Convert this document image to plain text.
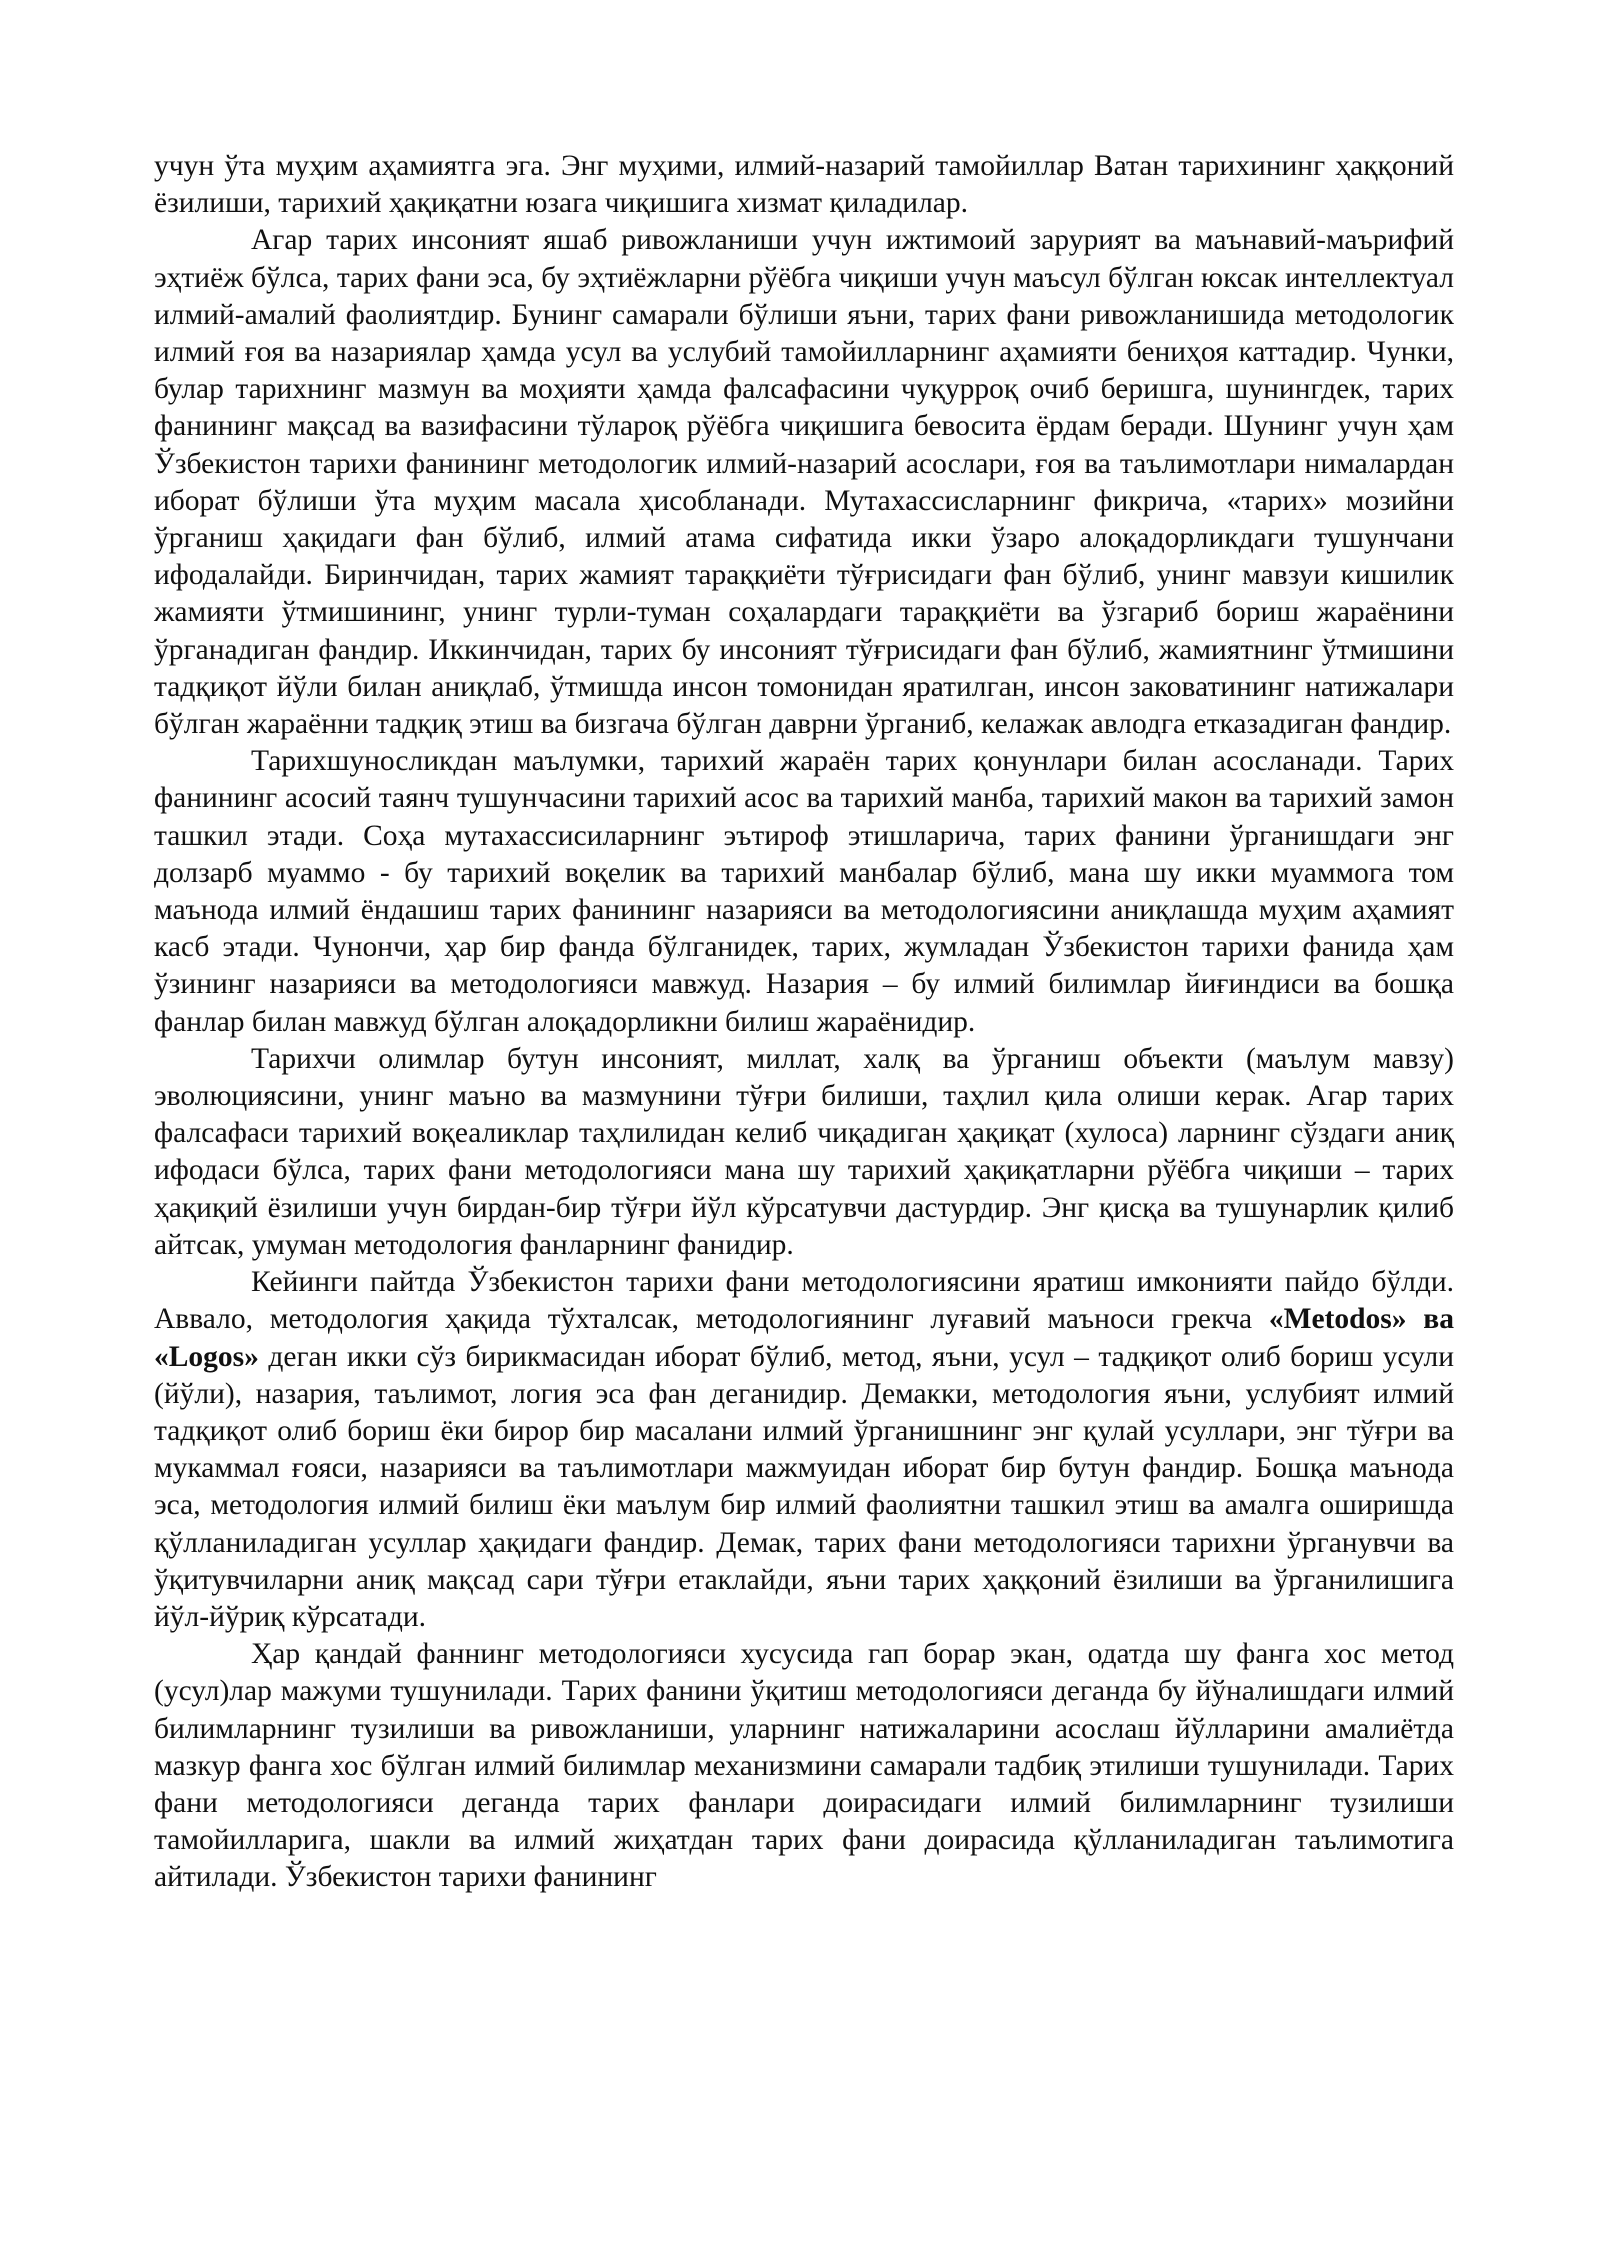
учун ўта муҳим аҳамиятга эга. Энг муҳими, илмий-назарий тамойиллар Ватан тарихининг ҳаққоний ёзилиши, тарихий ҳақиқатни юзага чиқишига хизмат қиладилар.

Агар тарих инсоният яшаб ривожланиши учун ижтимоий зарурият ва маънавий-маърифий эҳтиёж бўлса, тарих фани эса, бу эҳтиёжларни рўёбга чиқиши учун маъсул бўлган юксак интеллектуал илмий-амалий фаолиятдир. Бунинг самарали бўлиши яъни, тарих фани ривожланишида методологик илмий ғоя ва назариялар ҳамда усул ва услубий тамойилларнинг аҳамияти бениҳоя каттадир. Чунки, булар тарихнинг мазмун ва моҳияти ҳамда фалсафасини чуқурроқ очиб беришга, шунингдек, тарих фанининг мақсад ва вазифасини тўлароқ рўёбга чиқишига бевосита ёрдам беради. Шунинг учун ҳам Ўзбекистон тарихи фанининг методологик илмий-назарий асослари, ғоя ва таълимотлари нималардан иборат бўлиши ўта муҳим масала ҳисобланади. Мутахассисларнинг фикрича, «тарих» мозийни ўрганиш ҳақидаги фан бўлиб, илмий атама сифатида икки ўзаро алоқадорликдаги тушунчани ифодалайди. Биринчидан, тарих жамият тараққиёти тўғрисидаги фан бўлиб, унинг мавзуи кишилик жамияти ўтмишининг, унинг турли-туман соҳалардаги тараққиёти ва ўзгариб бориш жараёнини ўрганадиган фандир. Иккинчидан, тарих бу инсоният тўғрисидаги фан бўлиб, жамиятнинг ўтмишини тадқиқот йўли билан аниқлаб, ўтмишда инсон томонидан яратилган, инсон заковатининг натижалари бўлган жараённи тадқиқ этиш ва бизгача бўлган даврни ўрганиб, келажак авлодга етказадиган фандир.

Тарихшуносликдан маълумки, тарихий жараён тарих қонунлари билан асосланади. Тарих фанининг асосий таянч тушунчасини тарихий асос ва тарихий манба, тарихий макон ва тарихий замон ташкил этади. Соҳа мутахассисиларнинг эътироф этишларича, тарих фанини ўрганишдаги энг долзарб муаммо - бу тарихий воқелик ва тарихий манбалар бўлиб, мана шу икки муаммога том маънода илмий ёндашиш тарих фанининг назарияси ва методологиясини аниқлашда муҳим аҳамият касб этади. Чунончи, ҳар бир фанда бўлганидек, тарих, жумладан Ўзбекистон тарихи фанида ҳам ўзининг назарияси ва методологияси мавжуд. Назария – бу илмий билимлар йиғиндиси ва бошқа фанлар билан мавжуд бўлган алоқадорликни билиш жараёнидир.

Тарихчи олимлар бутун инсоният, миллат, халқ ва ўрганиш объекти (маълум мавзу) эволюциясини, унинг маъно ва мазмунини тўғри билиши, таҳлил қила олиши керак. Агар тарих фалсафаси тарихий воқеаликлар таҳлилидан келиб чиқадиган ҳақиқат (хулоса) ларнинг сўздаги аниқ ифодаси бўлса, тарих фани методологияси мана шу тарихий ҳақиқатларни рўёбга чиқиши – тарих ҳақиқий ёзилиши учун бирдан-бир тўғри йўл кўрсатувчи дастурдир. Энг қисқа ва тушунарлик қилиб айтсак, умуман методология фанларнинг фанидир.

Кейинги пайтда Ўзбекистон тарихи фани методологиясини яратиш имконияти пайдо бўлди. Аввало, методология ҳақида тўхталсак, методологиянинг луғавий маъноси грекча «Metodos» ва «Logos» деган икки сўз бирикмасидан иборат бўлиб, метод, яъни, усул – тадқиқот олиб бориш усули (йўли), назария, таълимот, логия эса фан деганидир. Демакки, методология яъни, услубият илмий тадқиқот олиб бориш ёки бирор бир масалани илмий ўрганишнинг энг қулай усуллари, энг тўғри ва мукаммал ғояси, назарияси ва таълимотлари мажмуидан иборат бир бутун фандир. Бошқа маънода эса, методология илмий билиш ёки маълум бир илмий фаолиятни ташкил этиш ва амалга оширишда қўлланиладиган усуллар ҳақидаги фандир. Демак, тарих фани методологияси тарихни ўрганувчи ва ўқитувчиларни аниқ мақсад сари тўғри етаклайди, яъни тарих ҳаққоний ёзилиши ва ўрганилишига йўл-йўриқ кўрсатади.

Ҳар қандай фаннинг методологияси хусусида гап борар экан, одатда шу фанга хос метод (усул)лар мажуми тушунилади. Тарих фанини ўқитиш методологияси деганда бу йўналишдаги илмий билимларнинг тузилиши ва ривожланиши, уларнинг натижаларини асослаш йўлларини амалиётда мазкур фанга хос бўлган илмий билимлар механизмини самарали тадбиқ этилиши тушунилади. Тарих фани методологияси деганда тарих фанлари доирасидаги илмий билимларнинг тузилиши тамойилларига, шакли ва илмий жиҳатдан тарих фани доирасида қўлланиладиган таълимотига айтилади. Ўзбекистон тарихи фанининг
